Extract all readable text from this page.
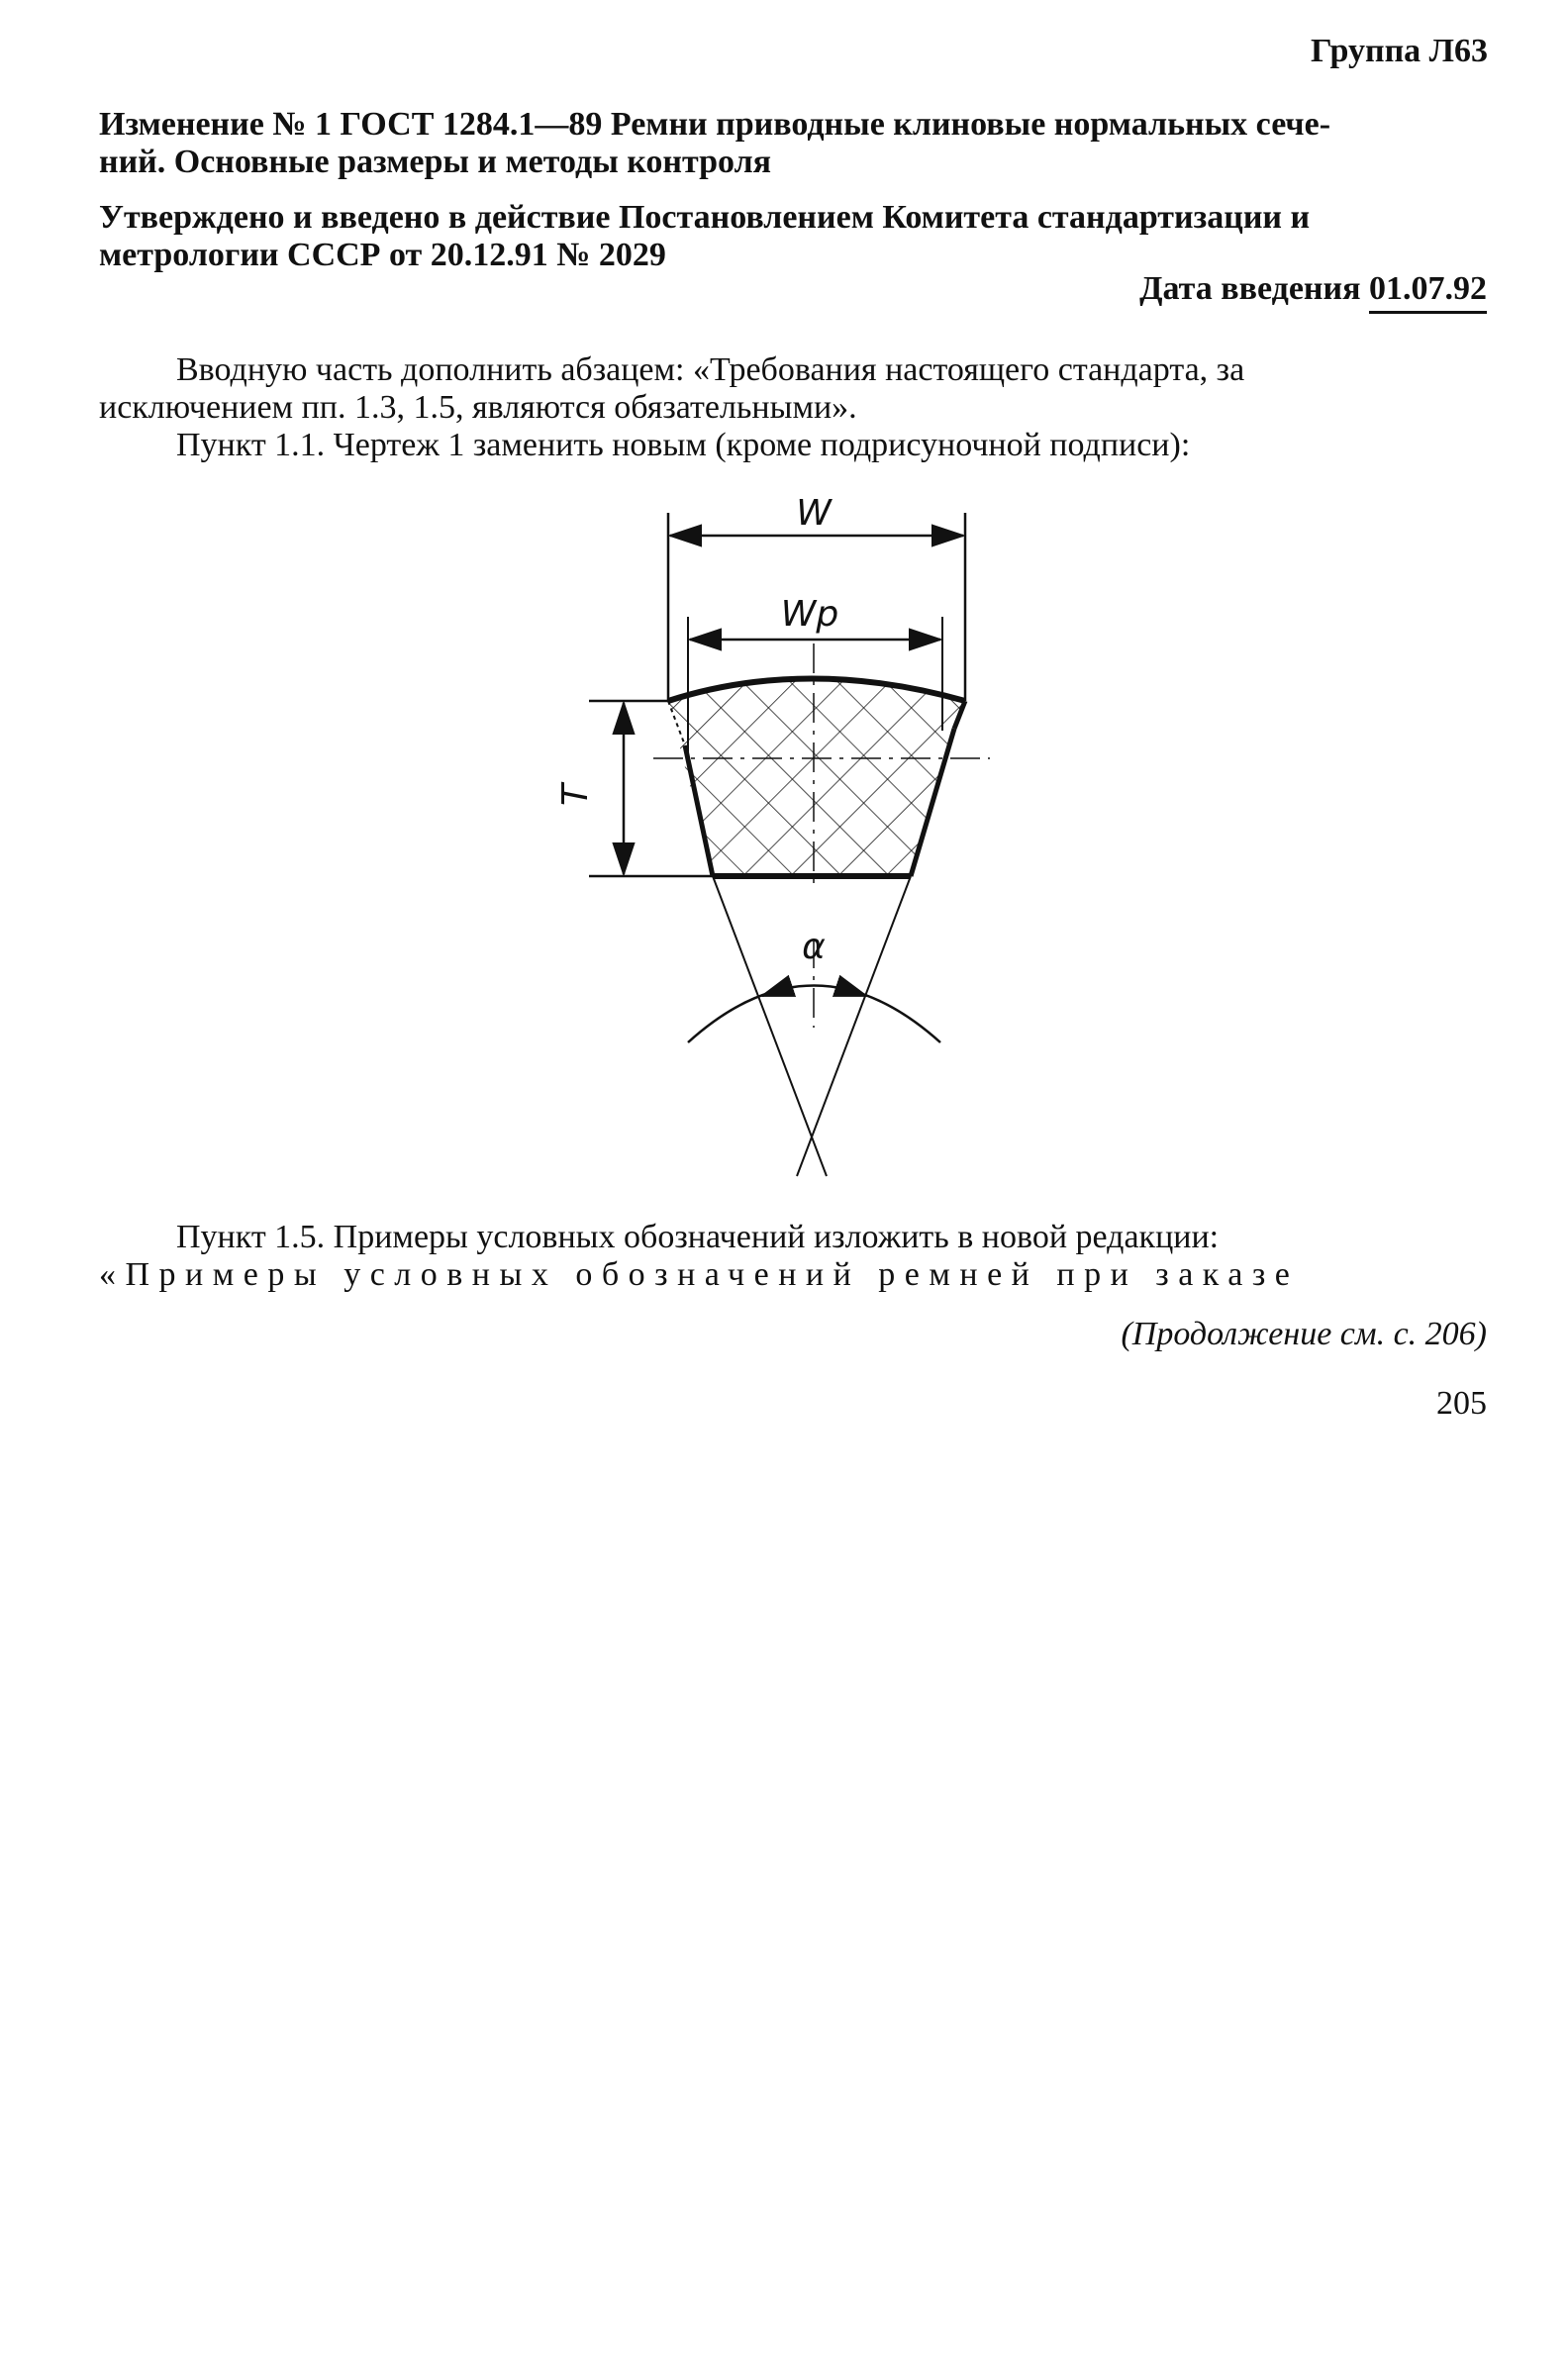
Группа Л63
Изменение № 1 ГОСТ 1284.1—89 Ремни приводные клиновые нормальных сече-
ний. Основные размеры и методы контроля
Утверждено и введено в действие Постановлением Комитета стандартизации и
метрологии СССР от 20.12.91 № 2029
Дата введения 01.07.92
Вводную часть дополнить абзацем: «Требования настоящего стандарта, за
исключением пп. 1.3, 1.5, являются обязательными».
Пункт 1.1. Чертеж 1 заменить новым (кроме подрисуночной подписи):
W
Wp
T
α
Пункт 1.5. Примеры условных обозначений изложить в новой редакции:
«Примеры условных обозначений ремней при заказе
(Продолжение см. с. 206)
205
